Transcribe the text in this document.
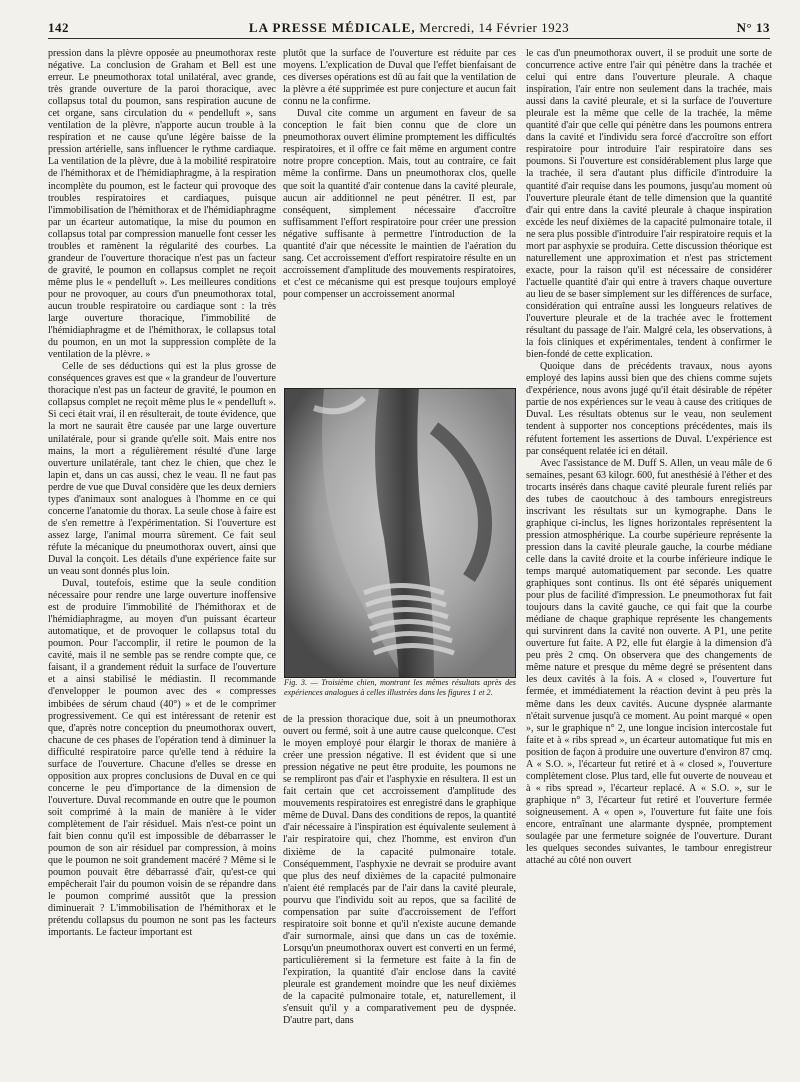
142	LA PRESSE MÉDICALE, Mercredi, 14 Février 1923	N° 13

pression dans la plèvre opposée au pneumothorax reste négative. La conclusion de Graham et Bell est une erreur. Le pneumothorax total unilatéral, avec grande, très grande ouverture de la paroi thoracique, avec collapsus total du poumon, sans respiration aucune de cet organe, sans circulation du « pendelluft », sans ventilation de la plèvre, n'apporte aucun trouble à la respiration et ne cause qu'une légère baisse de la pression artérielle, sans influencer le rythme cardiaque. La ventilation de la plèvre, due à la mobilité respiratoire de l'hémithorax et de l'hémidiaphragme, à la respiration incomplète du poumon, est le facteur qui provoque des troubles respiratoires et cardiaques, puisque l'immobilisation de l'hémithorax et de l'hémidiaphragme par un écarteur automatique, la mise du poumon en collapsus total par compression manuelle font cesser les troubles et ramènent la régularité des courbes. La grandeur de l'ouverture thoracique n'est pas un facteur de gravité, le poumon en collapsus complet ne reçoit même plus le « pendelluft ». Les meilleures conditions pour ne provoquer, au cours d'un pneumothorax total, aucun trouble respiratoire ou cardiaque sont : la très large ouverture thoracique, l'immobilité de l'hémidiaphragme et de l'hémithorax, le collapsus total du poumon, en un mot la suppression complète de la ventilation de la plèvre. »

Celle de ses déductions qui est la plus grosse de conséquences graves est que « la grandeur de l'ouverture thoracique n'est pas un facteur de gravité, le poumon en collapsus complet ne reçoit même plus le « pendelluft ». Si ceci était vrai, il en résulterait, de toute évidence, que la mort ne saurait être causée par une large ouverture unilatérale, pour si grande qu'elle soit. Mais entre nos mains, la mort a régulièrement résulté d'une large ouverture unilatérale, tant chez le chien, que chez le lapin et, dans un cas aussi, chez le veau. Il ne faut pas perdre de vue que Duval considère que les deux derniers types d'animaux sont analogues à l'homme en ce qui concerne l'anatomie du thorax. La seule chose à faire est de s'en remettre à l'expérimentation. Si l'ouverture est assez large, l'animal mourra sûrement. Ce fait seul réfute la mécanique du pneumothorax ouvert, ainsi que Duval la conçoit. Les détails d'une expérience faite sur un veau sont donnés plus loin.

Duval, toutefois, estime que la seule condition nécessaire pour rendre une large ouverture inoffensive est de produire l'immobilité de l'hémithorax et de l'hémidiaphragme, au moyen d'un puissant écarteur automatique, et de provoquer le collapsus total du poumon. Pour l'accomplir, il retire le poumon de la cavité, mais il ne semble pas se rendre compte que, ce faisant, il a grandement réduit la surface de l'ouverture et a ainsi stabilisé le médiastin. Il recommande d'envelopper le poumon avec des « compresses imbibées de sérum chaud (40°) » et de le comprimer progressivement. Ce qui est intéressant de retenir est que, d'après notre conception du pneumothorax ouvert, chacune de ces phases de l'opération tend à diminuer la difficulté respiratoire parce qu'elle tend à réduire la surface de l'ouverture. Chacune d'elles se dresse en opposition aux propres conclusions de Duval en ce qui concerne le peu d'importance de la dimension de l'ouverture. Duval recommande en outre que le poumon soit comprimé à la main de manière à le vider complètement de l'air résiduel. Mais n'est-ce point un fait bien connu qu'il est impossible de débarrasser le poumon de son air résiduel par compression, à moins que le poumon ne soit grandement macéré ? Même si le poumon pouvait être débarrassé d'air, qu'est-ce qui empêcherait l'air du poumon voisin de se répandre dans le poumon comprimé aussitôt que la pression diminuerait ? L'immobilisation de l'hémithorax et le prétendu collapsus du poumon ne sont pas les facteurs importants. Le facteur important est

plutôt que la surface de l'ouverture est réduite par ces moyens. L'explication de Duval que l'effet bienfaisant de ces diverses opérations est dû au fait que la ventilation de la plèvre a été supprimée est pure conjecture et aucun fait connu ne la confirme.

Duval cite comme un argument en faveur de sa conception le fait bien connu que de clore un pneumothorax ouvert élimine promptement les difficultés respiratoires, et il offre ce fait même en argument contre notre propre conception. Mais, tout au contraire, ce fait même la confirme. Dans un pneumothorax clos, quelle que soit la quantité d'air contenue dans la cavité pleurale, aucun air additionnel ne peut pénétrer. Il est, par conséquent, simplement nécessaire d'accroître suffisamment l'effort respiratoire pour créer une pression négative suffisante à permettre l'introduction de la quantité d'air que nécessite le maintien de l'aération du sang. Cet accroissement d'effort respiratoire résulte en un accroissement d'amplitude des mouvements respiratoires, et c'est ce mécanisme qui est presque toujours employé pour compenser un accroissement anormal

Fig. 3. — Troisième chien, montrant les mêmes résultats après des expériences analogues à celles illustrées dans les figures 1 et 2.

de la pression thoracique due, soit à un pneumothorax ouvert ou fermé, soit à une autre cause quelconque. C'est le moyen employé pour élargir le thorax de manière à créer une pression négative. Il est évident que si une pression négative ne peut être produite, les poumons ne se rempliront pas d'air et l'asphyxie en résultera. Il est un fait certain que cet accroissement d'amplitude des mouvements respiratoires est enregistré dans le graphique même de Duval. Dans des conditions de repos, la quantité d'air nécessaire à l'inspiration est équivalente seulement à l'air respiratoire qui, chez l'homme, est environ d'un dixième de la capacité pulmonaire totale. Conséquemment, l'asphyxie ne devrait se produire avant que plus des neuf dixièmes de la capacité pulmonaire n'aient été remplacés par de l'air dans la cavité pleurale, pourvu que l'individu soit au repos, que sa facilité de compensation par suite d'accroissement de l'effort respiratoire soit bonne et qu'il n'existe aucune demande d'air surnormale, ainsi que dans un cas de toxémie. Lorsqu'un pneumothorax ouvert est converti en un fermé, particulièrement si la fermeture est faite à la fin de l'expiration, la quantité d'air enclose dans la cavité pleurale est grandement moindre que les neuf dixièmes de la capacité pulmonaire totale, et, naturellement, il s'ensuit qu'il y a comparativement peu de dyspnée. D'autre part, dans

le cas d'un pneumothorax ouvert, il se produit une sorte de concurrence active entre l'air qui pénètre dans la trachée et celui qui entre dans l'ouverture pleurale. A chaque inspiration, l'air entre non seulement dans la trachée, mais aussi dans la cavité pleurale, et si la surface de l'ouverture pleurale est la même que celle de la trachée, la même quantité d'air que celle qui pénètre dans les poumons entrera dans la cavité et l'individu sera forcé d'accroître son effort respiratoire pour introduire l'air respiratoire dans ses poumons. Si l'ouverture est considérablement plus large que la trachée, il sera d'autant plus difficile d'introduire la quantité d'air requise dans les poumons, jusqu'au moment où l'ouverture pleurale étant de telle dimension que la quantité d'air qui entre dans la cavité pleurale à chaque inspiration excède les neuf dixièmes de la capacité pulmonaire totale, il ne sera plus possible d'introduire l'air respiratoire requis et la mort par asphyxie se produira. Cette discussion théorique est naturellement une approximation et n'est pas strictement exacte, pour la raison qu'il est nécessaire de considérer l'actuelle quantité d'air qui entre à travers chaque ouverture au lieu de se baser simplement sur les différences de surface, considération qui entraîne aussi les longueurs relatives de l'ouverture pleurale et de la trachée avec le frottement résultant du passage de l'air. Malgré cela, les observations, à la fois cliniques et expérimentales, tendent à confirmer le bien-fondé de cette explication.

Quoique dans de précédents travaux, nous ayons employé des lapins aussi bien que des chiens comme sujets d'expérience, nous avons jugé qu'il était désirable de répéter partie de nos expériences sur le veau à cause des critiques de Duval. Les résultats obtenus sur le veau, non seulement tendent à supporter nos conceptions précédentes, mais ils réfutent fortement les assertions de Duval. L'expérience est par conséquent relatée ici en détail.

Avec l'assistance de M. Duff S. Allen, un veau mâle de 6 semaines, pesant 63 kilogr. 600, fut anesthésié à l'éther et des trocarts insérés dans chaque cavité pleurale furent reliés par des tubes de caoutchouc à des tambours enregistreurs inscrivant les résultats sur un kymographe. Dans le graphique ci-inclus, les lignes horizontales représentent la pression atmosphérique. La courbe supérieure représente la pression dans la cavité pleurale gauche, la courbe médiane celle dans la cavité droite et la courbe inférieure indique le temps marqué automatiquement par seconde. Les quatre graphiques sont continus. Ils ont été séparés uniquement pour plus de facilité d'impression. Le pneumothorax fut fait toujours dans la cavité gauche, ce qui fait que la courbe médiane de chaque graphique représente les changements qui survinrent dans la cavité non ouverte. A P1, une petite ouverture fut faite. A P2, elle fut élargie à la dimension d'à peu près 2 cmq. On observera que des changements de même nature et presque du même degré se présentent dans les deux cavités à la fois. A « closed », l'ouverture fut fermée, et immédiatement la réaction devint à peu près la même dans les deux cavités. Aucune dyspnée alarmante n'était survenue jusqu'à ce moment. Au point marqué « open », sur le graphique n° 2, une longue incision intercostale fut faite et à « ribs spread », un écarteur automatique fut mis en position de façon à produire une ouverture d'environ 87 cmq. A « S.O. », l'écarteur fut retiré et à « closed », l'ouverture complètement close. Plus tard, elle fut ouverte de nouveau et à « ribs spread », l'écarteur replacé. A « S.O. », sur le graphique n° 3, l'écarteur fut retiré et l'ouverture fermée soigneusement. A « open », l'ouverture fut faite une fois encore, entraînant une alarmante dyspnée, promptement soulagée par une fermeture soignée de l'ouverture. Durant les quelques secondes suivantes, le tambour enregistreur attaché au côté non ouvert
